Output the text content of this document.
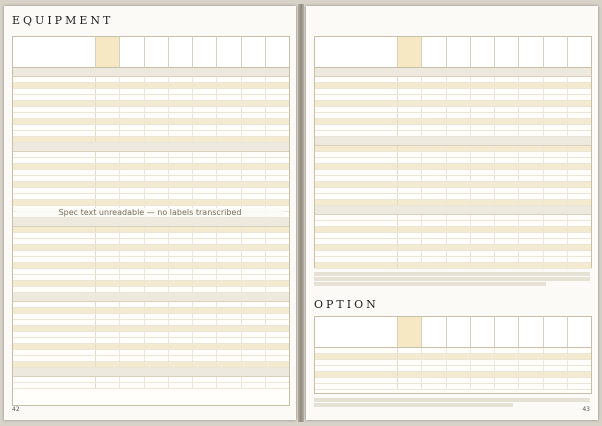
EQUIPMENT
Spec text unreadable — no labels transcribed
42
OPTION
43
